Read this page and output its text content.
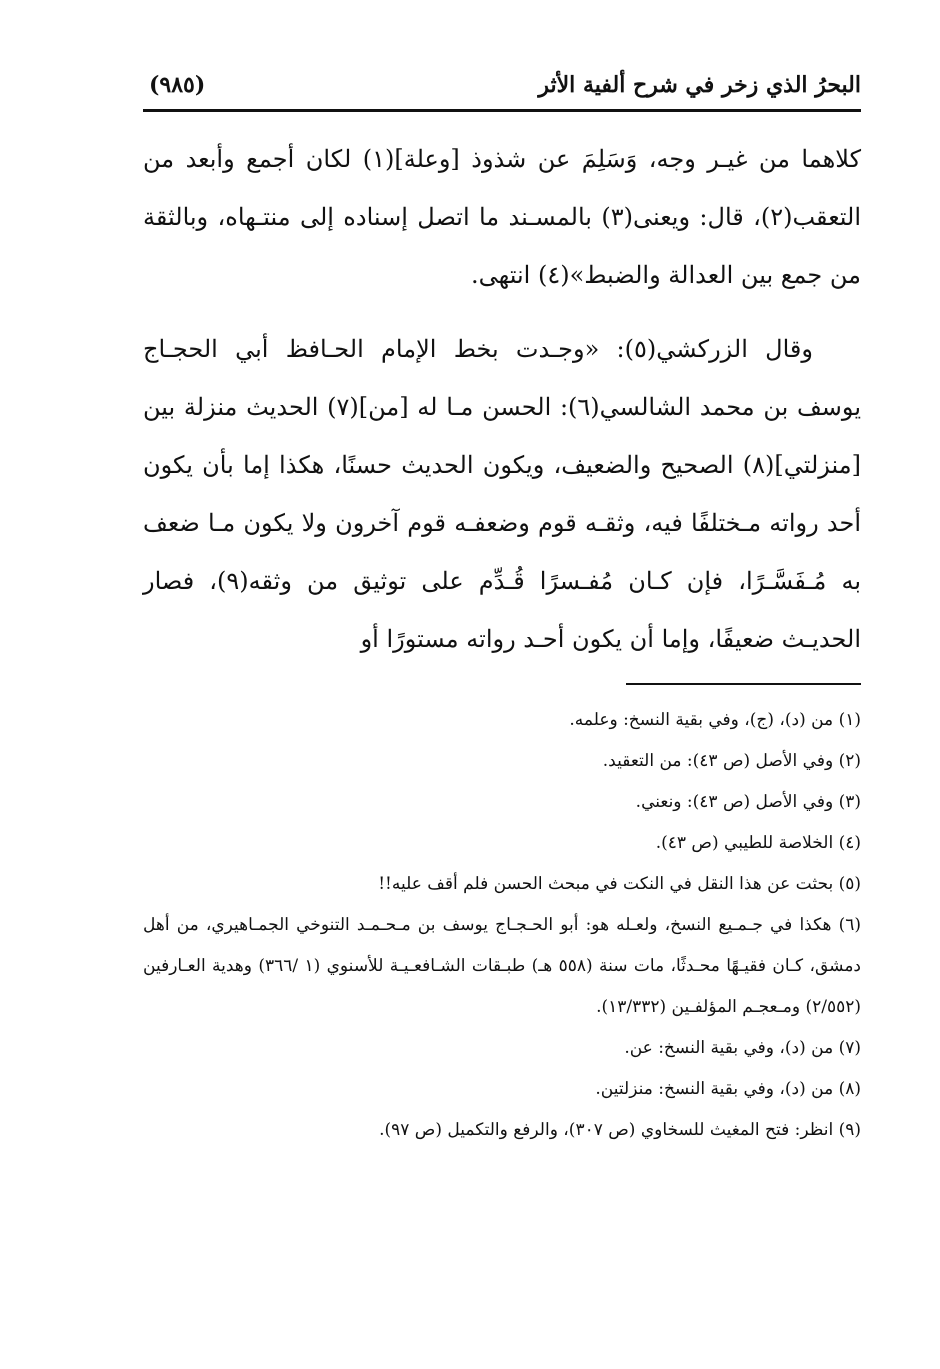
البحرُ الذي زخر في شرح ألفية الأثر
(٩٨٥)

كلاهما من غيـر وجه، وَسَلِمَ عن شذوذ [وعلة](١) لكان أجمع وأبعد من التعقب(٢)، قال: ويعنى(٣) بالمسـند ما اتصل إسناده إلى منتـهاه، وبالثقة من جمع بين العدالة والضبط»(٤) انتهى.

وقال الزركشي(٥): «وجـدت بخط الإمام الحـافظ أبي الحجـاج يوسف بن محمد الشالسي(٦): الحسن مـا له [من](٧) الحديث منزلة بين [منزلتي](٨) الصحيح والضعيف، ويكون الحديث حسنًا، هكذا إما بأن يكون أحد رواته مـختلفًا فيه، وثقـه قوم وضعفـه قوم آخرون ولا يكون مـا ضعف به مُـفَسَّـرًا، فإن كـان مُفـسرًا قُـدِّم على توثيق من وثقه(٩)، فصار الحديـث ضعيفًا، وإما أن يكون أحـد رواته مستورًا أو

(١) من (د)، (ج)، وفي بقية النسخ: وعلمه.

(٢) وفي الأصل (ص ٤٣): من التعقيد.

(٣) وفي الأصل (ص ٤٣): ونعني.

(٤) الخلاصة للطيبي (ص ٤٣).

(٥) بحثت عن هذا النقل في النكت في مبحث الحسن فلم أقف عليه!!

(٦) هكذا في جـمـيع النسخ، ولعـله هو: أبو الحـجـاج يوسف بن مـحـمـد التنوخي الجمـاهيري، من أهل دمشق، كـان فقيـهًا محـدثًا، مات سنة (٥٥٨ هـ) طبـقات الشـافعـيـة للأسنوي (١ /٣٦٦) وهدية العـارفين (٢/٥٥٢) ومـعجـم المؤلفـين (١٣/٣٣٢).

(٧) من (د)، وفي بقية النسخ: عن.

(٨) من (د)، وفي بقية النسخ: منزلتين.

(٩) انظر: فتح المغيث للسخاوي (ص ٣٠٧)، والرفع والتكميل (ص ٩٧).
